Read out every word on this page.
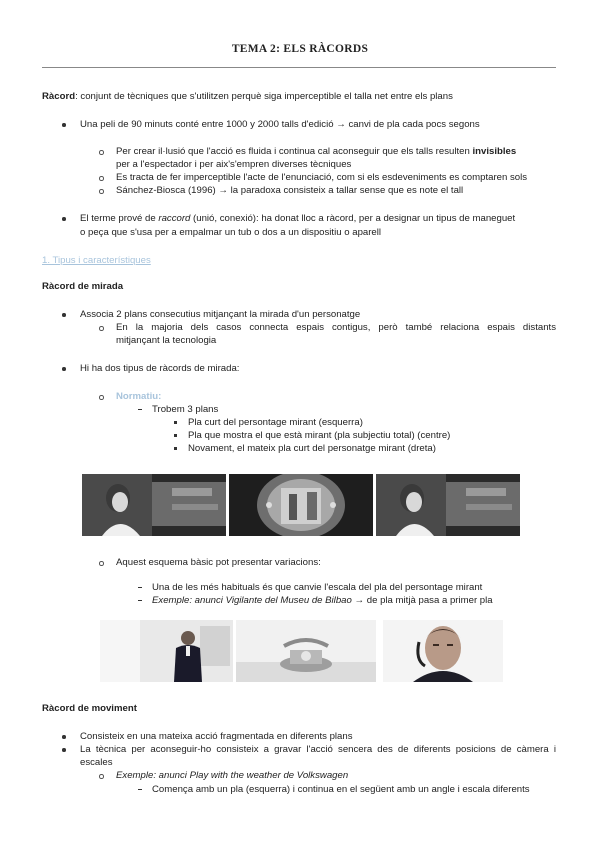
TEMA 2: ELS RÀCORDS
Ràcord: conjunt de tècniques que s'utilitzen perquè siga imperceptible el talla net entre els plans
Una peli de 90 minuts conté entre 1000 y 2000 talls d'edició → canvi de pla cada pocs segons
Per crear il·lusió que l'acció es fluida i continua cal aconseguir que els talls resulten invisibles
per a l'espectador i per aix's'empren diverses tècniques
Es tracta de fer imperceptible l'acte de l'enunciació, com si els esdeveniments es comptaren sols
Sánchez-Biosca (1996) → la paradoxa consisteix a tallar sense que es note el tall
El terme prové de raccord (unió, conexió): ha donat lloc a ràcord, per a designar un tipus de maneguet
o peça que s'usa per a empalmar un tub o dos a un dispositiu o aparell
1. Tipus i característiques
Ràcord de mirada
Associa 2 plans consecutius mitjançant la mirada d'un personatge
En la majoria dels casos connecta espais contigus, però també relaciona espais distants
mitjançant la tecnologia
Hi ha dos tipus de ràcords de mirada:
Normatiu:
Trobem 3 plans
Pla curt del persontage mirant (esquerra)
Pla que mostra el que està mirant (pla subjectiu total) (centre)
Novament, el mateix pla curt del personatge mirant (dreta)
Aquest esquema bàsic pot presentar variacions:
Una de les més habituals és que canvie l'escala del pla del persontage mirant
Exemple: anunci Vigilante del Museu de Bilbao → de pla mitjà pasa a primer pla
Ràcord de moviment
Consisteix en una mateixa acció fragmentada en diferents plans
La tècnica per aconseguir-ho consisteix a gravar l'acció sencera des de diferents posicions de càmera i
escales
Exemple: anunci Play with the weather de Volkswagen
Comença amb un pla (esquerra) i continua en el següent amb un angle i escala diferents
